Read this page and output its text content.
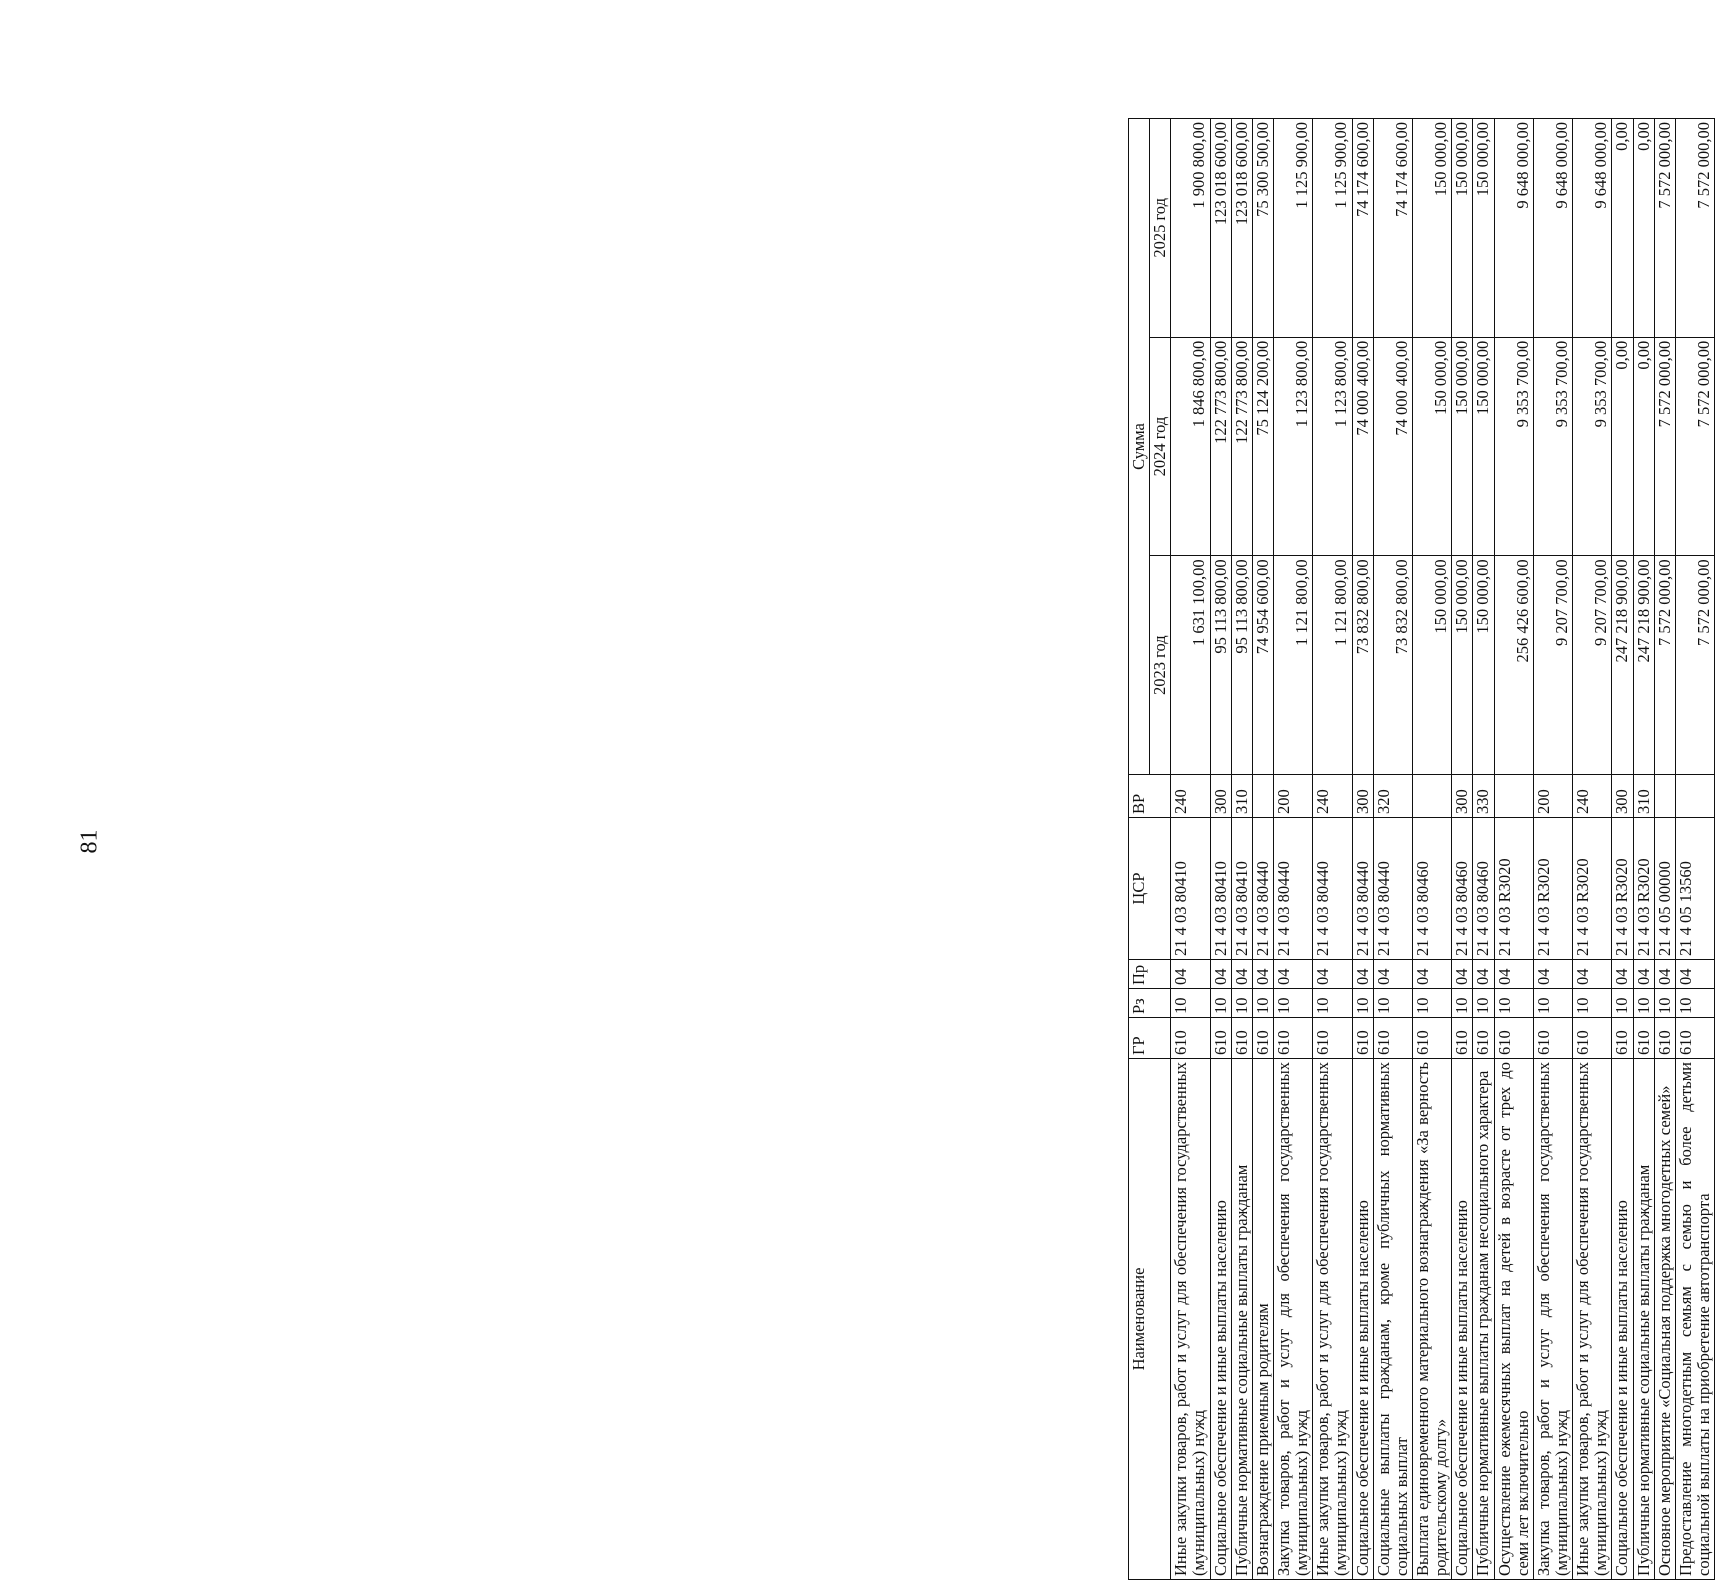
81
Наименование	ГР	Рз	Пр	ЦСР	ВР	Сумма		
						2023 год	2024 год	2025 год
Иные закупки товаров, работ и услуг для обеспечения государственных (муниципальных) нужд	610	10	04	21 4 03 80410	240	1 631 100,00	1 846 800,00	1 900 800,00
Социальное обеспечение и иные выплаты населению	610	10	04	21 4 03 80410	300	95 113 800,00	122 773 800,00	123 018 600,00
Публичные нормативные социальные выплаты гражданам	610	10	04	21 4 03 80410	310	95 113 800,00	122 773 800,00	123 018 600,00
Вознаграждение приемным родителям	610	10	04	21 4 03 80440		74 954 600,00	75 124 200,00	75 300 500,00
Закупка товаров, работ и услуг для обеспечения государственных (муниципальных) нужд	610	10	04	21 4 03 80440	200	1 121 800,00	1 123 800,00	1 125 900,00
Иные закупки товаров, работ и услуг для обеспечения государственных (муниципальных) нужд	610	10	04	21 4 03 80440	240	1 121 800,00	1 123 800,00	1 125 900,00
Социальное обеспечение и иные выплаты населению	610	10	04	21 4 03 80440	300	73 832 800,00	74 000 400,00	74 174 600,00
Социальные выплаты гражданам, кроме публичных нормативных социальных выплат	610	10	04	21 4 03 80440	320	73 832 800,00	74 000 400,00	74 174 600,00
Выплата единовременного материального вознаграждения «За верность родительскому долгу»	610	10	04	21 4 03 80460		150 000,00	150 000,00	150 000,00
Социальное обеспечение и иные выплаты населению	610	10	04	21 4 03 80460	300	150 000,00	150 000,00	150 000,00
Публичные нормативные выплаты гражданам несоциального характера	610	10	04	21 4 03 80460	330	150 000,00	150 000,00	150 000,00
Осуществление ежемесячных выплат на детей в возрасте от трех до семи лет включительно	610	10	04	21 4 03 R3020		256 426 600,00	9 353 700,00	9 648 000,00
Закупка товаров, работ и услуг для обеспечения государственных (муниципальных) нужд	610	10	04	21 4 03 R3020	200	9 207 700,00	9 353 700,00	9 648 000,00
Иные закупки товаров, работ и услуг для обеспечения государственных (муниципальных) нужд	610	10	04	21 4 03 R3020	240	9 207 700,00	9 353 700,00	9 648 000,00
Социальное обеспечение и иные выплаты населению	610	10	04	21 4 03 R3020	300	247 218 900,00	0,00	0,00
Публичные нормативные социальные выплаты гражданам	610	10	04	21 4 03 R3020	310	247 218 900,00	0,00	0,00
Основное мероприятие «Социальная поддержка многодетных семей»	610	10	04	21 4 05 00000		7 572 000,00	7 572 000,00	7 572 000,00
Предоставление многодетным семьям с семью и более детьми социальной выплаты на приобретение автотранспорта	610	10	04	21 4 05 13560		7 572 000,00	7 572 000,00	7 572 000,00
